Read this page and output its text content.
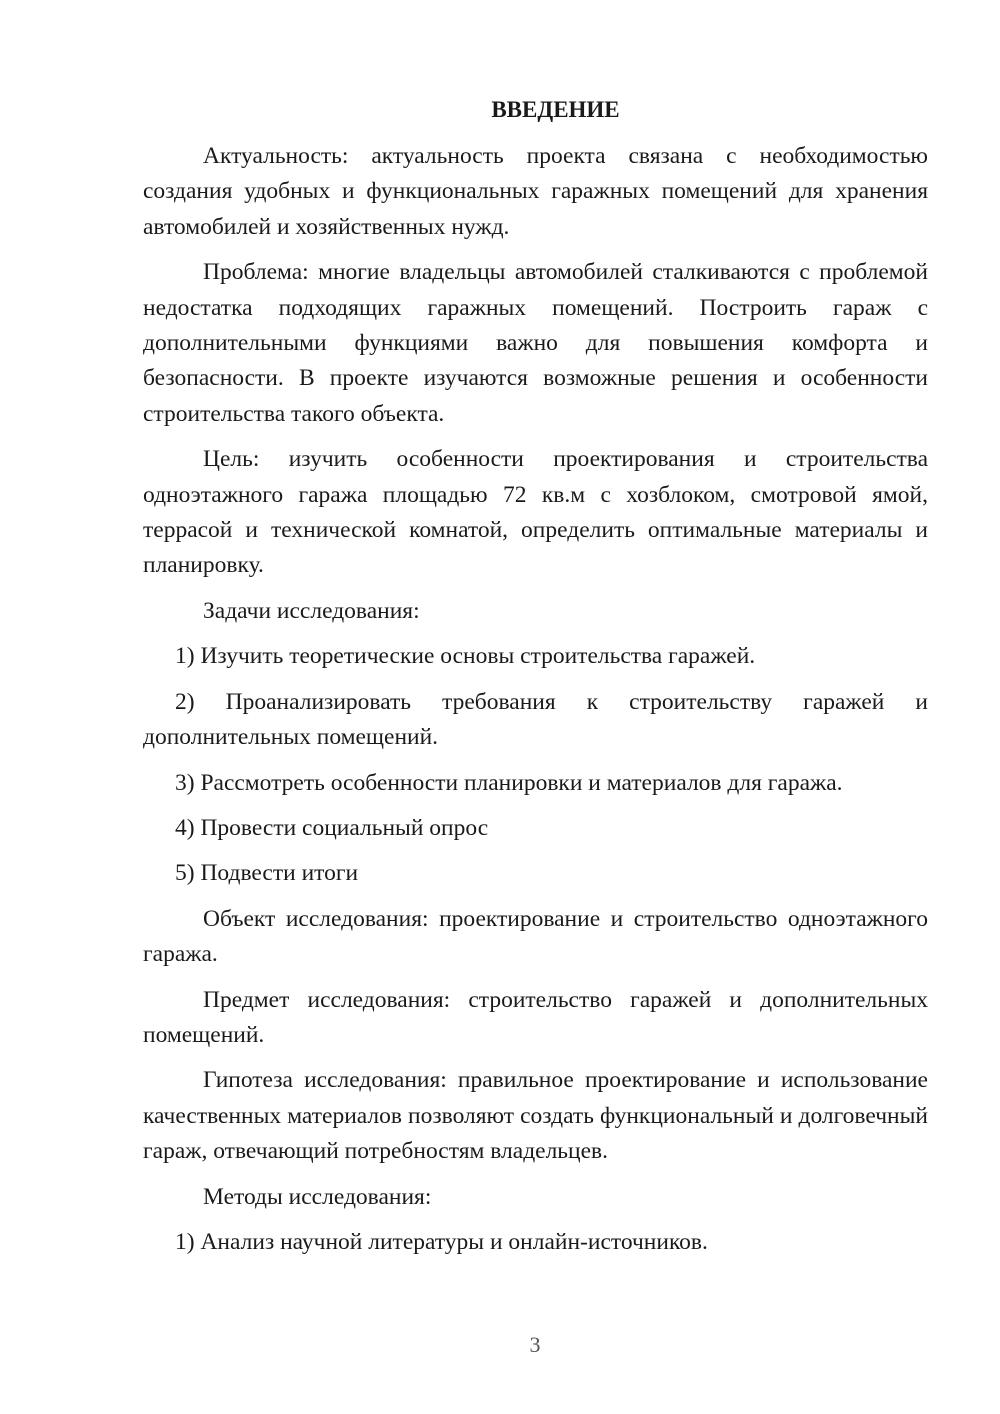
ВВЕДЕНИЕ

Актуальность: актуальность проекта связана с необходимостью создания удобных и функциональных гаражных помещений для хранения автомобилей и хозяйственных нужд.

Проблема: многие владельцы автомобилей сталкиваются с проблемой недостатка подходящих гаражных помещений. Построить гараж с дополнительными функциями важно для повышения комфорта и безопасности. В проекте изучаются возможные решения и особенности строительства такого объекта.

Цель: изучить особенности проектирования и строительства одноэтажного гаража площадью 72 кв.м с хозблоком, смотровой ямой, террасой и технической комнатой, определить оптимальные материалы и планировку.

Задачи исследования:

1) Изучить теоретические основы строительства гаражей.

2) Проанализировать требования к строительству гаражей и дополнительных помещений.

3) Рассмотреть особенности планировки и материалов для гаража.

4) Провести социальный опрос

5) Подвести итоги

Объект исследования: проектирование и строительство одноэтажного гаража.

Предмет исследования: строительство гаражей и дополнительных помещений.

Гипотеза исследования: правильное проектирование и использование качественных материалов позволяют создать функциональный и долговечный гараж, отвечающий потребностям владельцев.

Методы исследования:

1) Анализ научной литературы и онлайн-источников.

3
